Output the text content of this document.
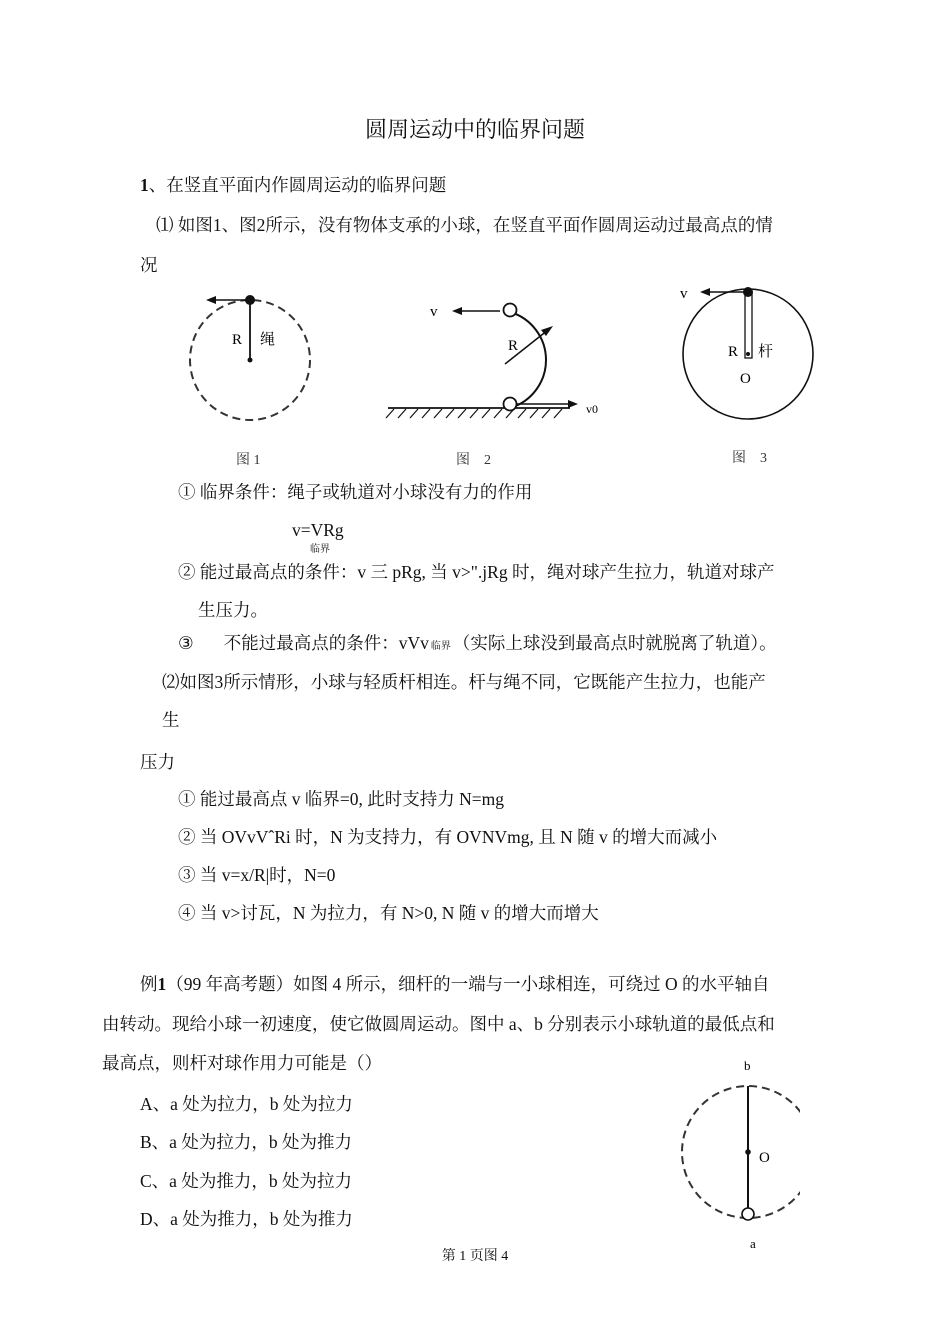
圆周运动中的临界问题
1、在竖直平面内作圆周运动的临界问题
⑴ 如图1、图2所示，没有物体支承的小球，在竖直平面作圆周运动过最高点的情
况
R 绳
图 1
v
R
v0
图　2
v
R 杆
O
图　3
① 临界条件：绳子或轨道对小球没有力的作用
v=VRg
临界
② 能过最高点的条件：v 三 pRg, 当 v>".jRg 时，绳对球产生拉力，轨道对球产
生压力。
③ 不能过最高点的条件：vVv 临界 （实际上球没到最高点时就脱离了轨道）。
⑵如图3所示情形，小球与轻质杆相连。杆与绳不同，它既能产生拉力，也能产
生
压力
① 能过最高点 v 临界=0, 此时支持力 N=mg
② 当 OVvVˆRi 时，N 为支持力，有 OVNVmg, 且 N 随 v 的增大而减小
③ 当 v=x/R|时，N=0
④ 当 v>讨瓦，N 为拉力，有 N>0, N 随 v 的增大而增大
例1（99 年高考题）如图 4 所示，细杆的一端与一小球相连，可绕过 O 的水平轴自
由转动。现给小球一初速度，使它做圆周运动。图中 a、b 分别表示小球轨道的最低点和
最高点，则杆对球作用力可能是（）
A、a 处为拉力，b 处为拉力
B、a 处为拉力，b 处为推力
C、a 处为推力，b 处为拉力
D、a 处为推力，b 处为推力
b
O
a
第 1 页图 4
